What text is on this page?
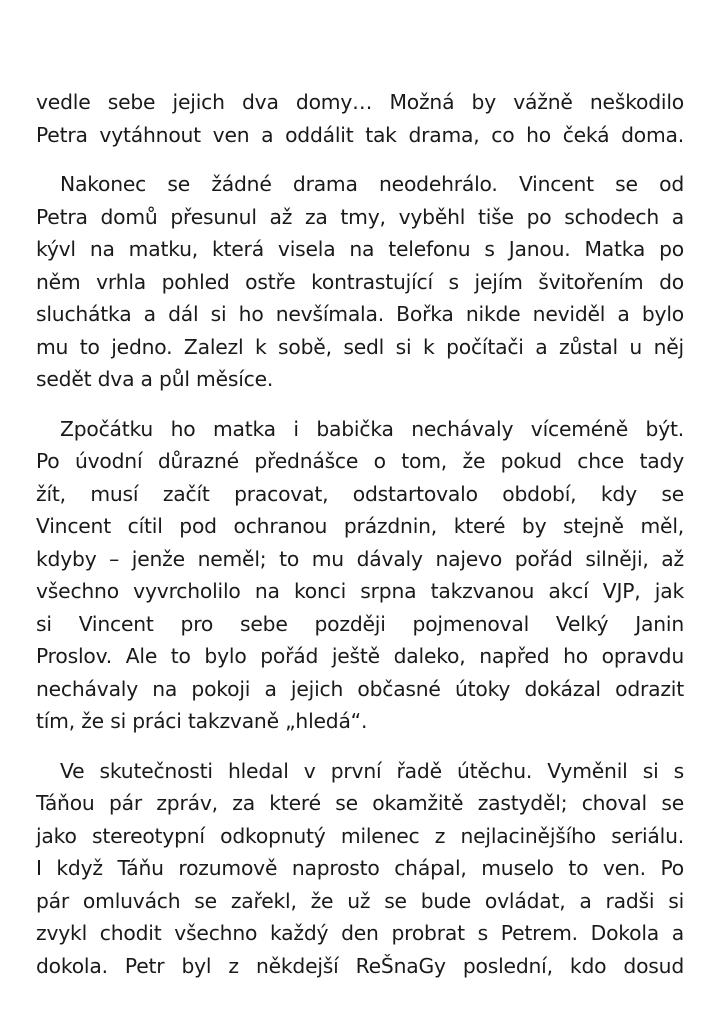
vedle sebe jejich dva domy… Možná by vážně neškodilo
Petra vytáhnout ven a oddálit tak drama, co ho čeká doma.
Nakonec se žádné drama neodehrálo. Vincent se od
Petra domů přesunul až za tmy, vyběhl tiše po schodech a
kývl na matku, která visela na telefonu s Janou. Matka po
něm vrhla pohled ostře kontrastující s jejím švitořením do
sluchátka a dál si ho nevšímala. Bořka nikde neviděl a bylo
mu to jedno. Zalezl k sobě, sedl si k počítači a zůstal u něj
sedět dva a půl měsíce.
Zpočátku ho matka i babička nechávaly víceméně být.
Po úvodní důrazné přednášce o tom, že pokud chce tady
žít, musí začít pracovat, odstartovalo období, kdy se
Vincent cítil pod ochranou prázdnin, které by stejně měl,
kdyby – jenže neměl; to mu dávaly najevo pořád silněji, až
všechno vyvrcholilo na konci srpna takzvanou akcí VJP, jak
si Vincent pro sebe později pojmenoval Velký Janin
Proslov. Ale to bylo pořád ještě daleko, napřed ho opravdu
nechávaly na pokoji a jejich občasné útoky dokázal odrazit
tím, že si práci takzvaně „hledá“.
Ve skutečnosti hledal v první řadě útěchu. Vyměnil si s
Táňou pár zpráv, za které se okamžitě zastyděl; choval se
jako stereotypní odkopnutý milenec z nejlacinějšího seriálu.
I když Táňu rozumově naprosto chápal, muselo to ven. Po
pár omluvách se zařekl, že už se bude ovládat, a radši si
zvykl chodit všechno každý den probrat s Petrem. Dokola a
dokola. Petr byl z někdejší ReŠnaGy poslední, kdo dosud
